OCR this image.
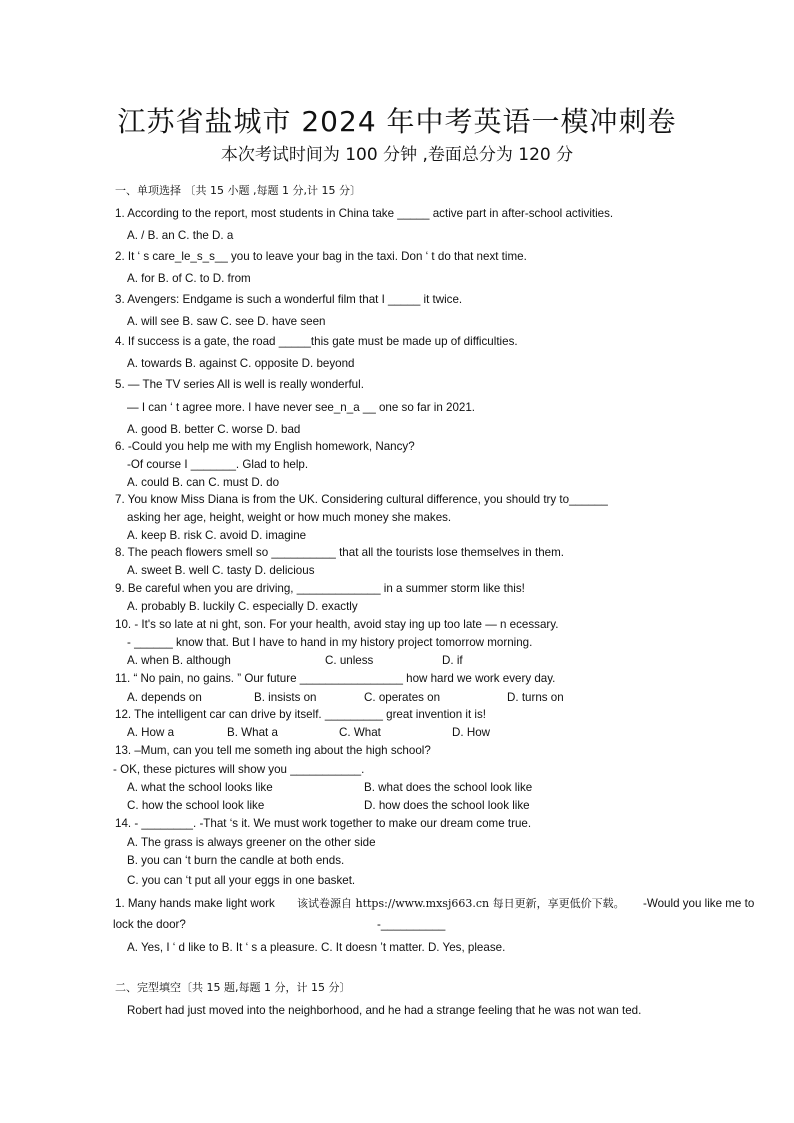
江苏省盐城市 2024 年中考英语一模冲刺卷
本次考试时间为 100 分钟 ,卷面总分为 120 分
一、单项选择 〔共 15 小题 ,每题 1 分,计 15 分〕
1. According to the report, most students in China take _____ active part in after-school activities.
A. / B. an C. the D. a
2. It ‘ s care_le_s_s__ you to leave your bag in the taxi. Don ‘ t do that next time.
A. for B. of C. to D. from
3. Avengers: Endgame is such a wonderful film that I _____ it twice.
A. will see B. saw C. see D. have seen
4. If success is a gate, the road _____this gate must be made up of difficulties.
A. towards B. against C. opposite D. beyond
5. — The TV series All is well is really wonderful.
— I can ‘ t agree more. I have never see_n_a __ one so far in 2021.
A. good B. better C. worse D. bad
6. -Could you help me with my English homework, Nancy?
-Of course I _______. Glad to help.
A. could B. can C. must D. do
7. You know Miss Diana is from the UK. Considering cultural difference, you should try to______
asking her age, height, weight or how much money she makes.
A. keep B. risk C. avoid D. imagine
8. The peach flowers smell so __________ that all the tourists lose themselves in them.
A. sweet B. well C. tasty D. delicious
9. Be careful when you are driving, _____________ in a summer storm like this!
A. probably B. luckily C. especially D. exactly
10. - It's so late at ni ght, son. For your health, avoid stay ing up too late — n ecessary.
- ______ know that. But I have to hand in my history project tomorrow morning.
A. when B. although	C. unless	D. if
11. “ No pain, no gains. ” Our future ________________ how hard we work every day.
A. depends on	B. insists on	C. operates on	D. turns on
12. The intelligent car can drive by itself. _________ great invention it is!
A. How a	B. What a	C. What	D. How
13. –Mum, can you tell me someth ing about the high school?
- OK, these pictures will show you ___________.
A. what the school looks like	B. what does the school look like
C. how the school look like	D. how does the school look like
14. - ________. -That ‘s it. We must work together to make our dream come true.
A. The grass is always greener on the other side
B. you can ‘t burn the candle at both ends.
C. you can ‘t put all your eggs in one basket.
1. Many hands make light work 该试卷源自 https://www.mxsj663.cn 每日更新，享更低价下载。 -Would you like me to
lock the door?	-__________
A. Yes, I ‘ d like to B. It ‘ s a pleasure. C. It doesn ’t matter. D. Yes, please.
二、完型填空〔共 15 题,每题 1 分，计 15 分〕
Robert had just moved into the neighborhood, and he had a strange feeling that he was not wan ted.
